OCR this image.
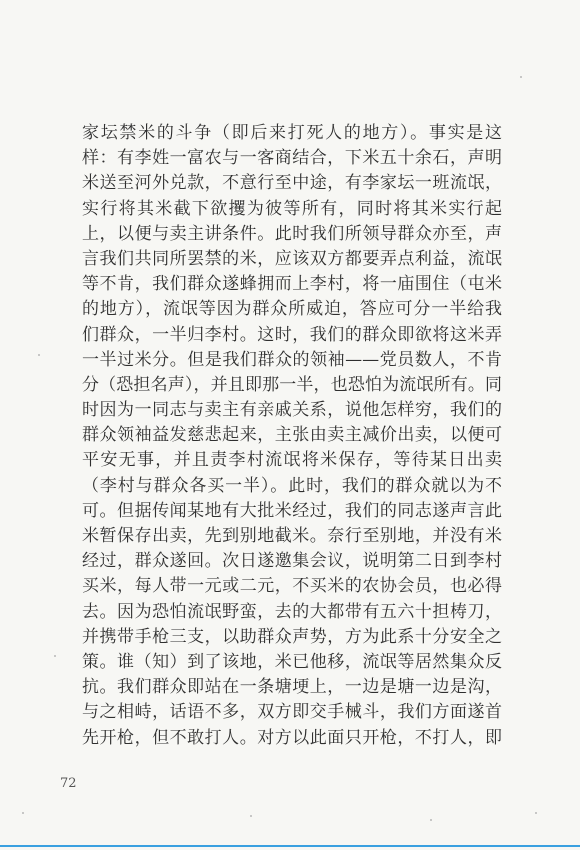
家坛禁米的斗争（即后来打死人的地方）。事实是这
样：有李姓一富农与一客商结合，下米五十余石，声明
米送至河外兑款，不意行至中途，有李家坛一班流氓，
实行将其米截下欲攫为彼等所有，同时将其米实行起
上，以便与卖主讲条件。此时我们所领导群众亦至，声
言我们共同所罢禁的米，应该双方都要弄点利益，流氓
等不肯，我们群众遂蜂拥而上李村，将一庙围住（屯米
的地方），流氓等因为群众所威迫，答应可分一半给我
们群众，一半归李村。这时，我们的群众即欲将这米弄
一半过米分。但是我们群众的领袖——党员数人，不肯
分（恐担名声），并且即那一半，也恐怕为流氓所有。同
时因为一同志与卖主有亲戚关系，说他怎样穷，我们的
群众领袖益发慈悲起来，主张由卖主减价出卖，以便可
平安无事，并且责李村流氓将米保存，等待某日出卖
（李村与群众各买一半）。此时，我们的群众就以为不
可。但据传闻某地有大批米经过，我们的同志遂声言此
米暂保存出卖，先到别地截米。奈行至别地，并没有米
经过，群众遂回。次日遂邀集会议，说明第二日到李村
买米，每人带一元或二元，不买米的农协会员，也必得
去。因为恐怕流氓野蛮，去的大都带有五六十担梼刀，
并携带手枪三支，以助群众声势，方为此系十分安全之
策。谁（知）到了该地，米已他移，流氓等居然集众反
抗。我们群众即站在一条塘埂上，一边是塘一边是沟，
与之相峙，话语不多，双方即交手械斗，我们方面遂首
先开枪，但不敢打人。对方以此面只开枪，不打人，即
72
